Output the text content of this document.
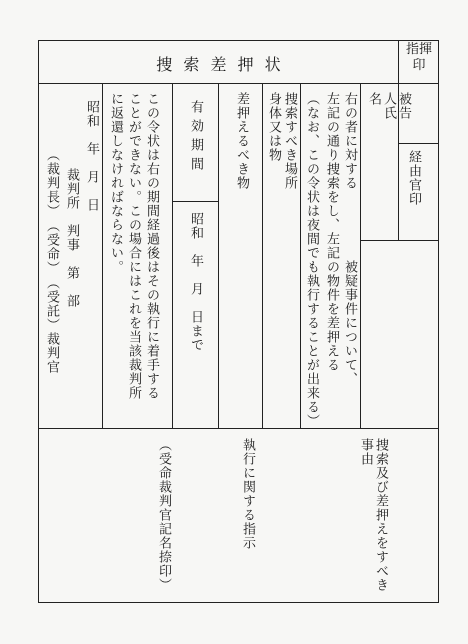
捜 索 差 押 状
指揮印
経由官印
被告人氏名
右の者に対する
被疑事件について、
左記の通り捜索をし、左記の物件を差押える
（なお、この令状は夜間でも執行することが出来る）
捜索すべき場所
身体又は物
差押えるべき物
有効期間
昭和　年　月　日まで
この令状は右の期間経過後はその執行に着手する
ことができない。この場合にはこれを当該裁判所
に返還しなければならない。
昭和　年　月　日
裁判所　判事　第　部
（裁判長）　（受命）　（受託）裁判官
捜索及び差押えをすべき事由
執行に関する指示
（受命裁判官記名捺印）
